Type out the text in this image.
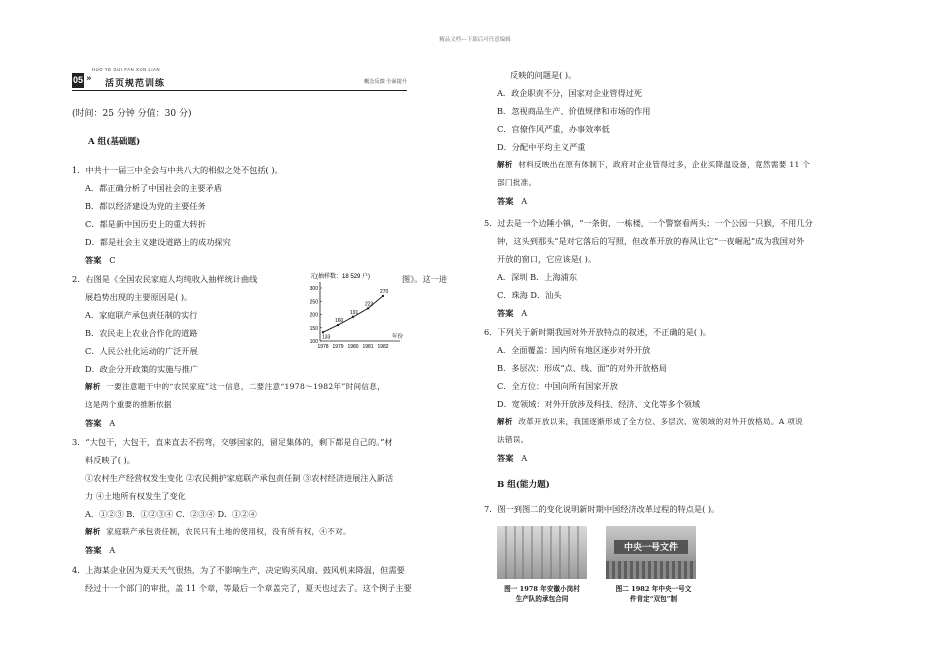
精品文档---下载后可任意编辑
05 »
HUO YE GUI FAN XUN LIAN
活页规范训练	概念反馈 全面提升
(时间：25 分钟 分值：30 分)
A 组(基础题)
1．中共十一届三中全会与中共八大的相似之处不包括( )。
A．都正确分析了中国社会的主要矛盾
B．都以经济建设为党的主要任务
C．都是新中国历史上的重大转折
D．都是社会主义建设道路上的成功探究
答案 C
2．右图是《全国农民家庭人均纯收入抽样统计曲线	图》。这一进
展趋势出现的主要原因是( )。
A．家庭联产承包责任制的实行
B．农民走上农业合作化的道路
C．人民公社化运动的广泛开展
D．政企分开政策的实施与推广
解析 一要注意题干中的“农民家庭”这一信息，二要注意“1978～1982年”时间信息，
这是两个重要的推断依据
答案 A
3．“大包干，大包干，直来直去不拐弯，交够国家的，留足集体的，剩下都是自己的。”材
料反映了( )。
①农村生产经营权发生变化 ②农民拥护家庭联产承包责任制 ③农村经济进展注入新活
力 ④土地所有权发生了变化
A．①②③ B．①②③④ C．②③④ D．①②④
解析 家庭联产承包责任制，农民只有土地的使用权，没有所有权，④不对。
答案 A
4．上海某企业因为夏天天气很热，为了不影响生产，决定购买风扇、鼓风机来降温，但需要
经过十一个部门的审批，盖 11 个章，等最后一个章盖完了，夏天也过去了。这个例子主要
元(抽样数：18 529 户)
年份
100
150
200
250
300
1978 1979 1980 1981 1982
133
160
191
223
270
反映的问题是( )。
A．政企职责不分，国家对企业管得过死
B．忽视商品生产、价值规律和市场的作用
C．官僚作风严重，办事效率低
D．分配中平均主义严重
解析 材料反映出在原有体制下，政府对企业管得过多，企业买降温设备，竟然需要 11 个
部门批准。
答案 A
5．过去是一个边陲小镇，“一条街，一栋楼，一个警察看两头；一个公园一只猴，不用几分
钟，这头到那头”是对它落后的写照，但改革开放的春风让它“一夜崛起”成为我国对外
开放的窗口，它应该是( )。
A．深圳 B．上海浦东
C．珠海 D．汕头
答案 A
6．下列关于新时期我国对外开放特点的叙述，不正确的是( )。
A．全面覆盖：国内所有地区逐步对外开放
B．多层次：形成“点、线、面”的对外开放格局
C．全方位：中国向所有国家开放
D．宽领域：对外开放涉及科技、经济、文化等多个领域
解析 改革开放以来，我国逐渐形成了全方位、多层次、宽领域的对外开放格局。A 项说
法错误。
答案 A
B 组(能力题)
7．图一到图二的变化说明新时期中国经济改革过程的特点是( )。
中央一号文件
图一 1978 年安徽小岗村
生产队的承包合同
图二 1982 年中央一号文
件肯定“双包”制
